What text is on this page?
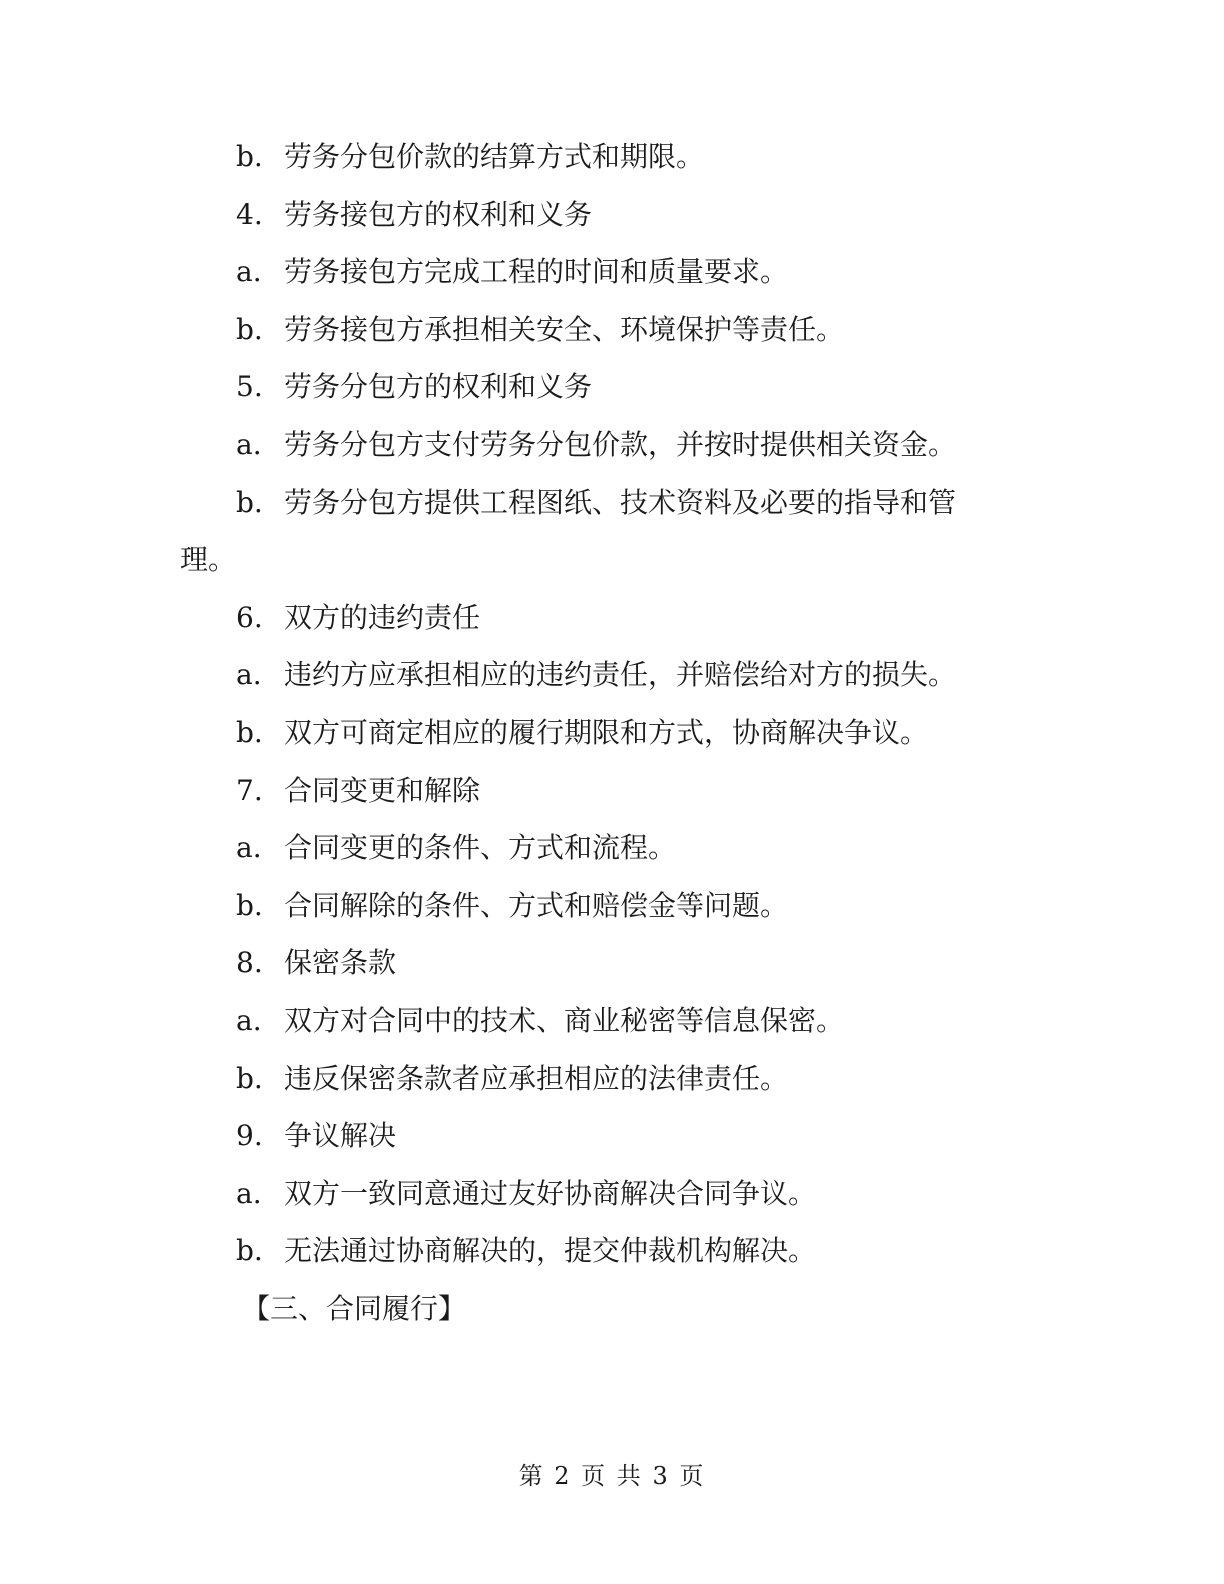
b. 劳务分包价款的结算方式和期限。
4. 劳务接包方的权利和义务
a. 劳务接包方完成工程的时间和质量要求。
b. 劳务接包方承担相关安全、环境保护等责任。
5. 劳务分包方的权利和义务
a. 劳务分包方支付劳务分包价款，并按时提供相关资金。
b. 劳务分包方提供工程图纸、技术资料及必要的指导和管
理。
6. 双方的违约责任
a. 违约方应承担相应的违约责任，并赔偿给对方的损失。
b. 双方可商定相应的履行期限和方式，协商解决争议。
7. 合同变更和解除
a. 合同变更的条件、方式和流程。
b. 合同解除的条件、方式和赔偿金等问题。
8. 保密条款
a. 双方对合同中的技术、商业秘密等信息保密。
b. 违反保密条款者应承担相应的法律责任。
9. 争议解决
a. 双方一致同意通过友好协商解决合同争议。
b. 无法通过协商解决的，提交仲裁机构解决。
【三、合同履行】
第 2 页 共 3 页
